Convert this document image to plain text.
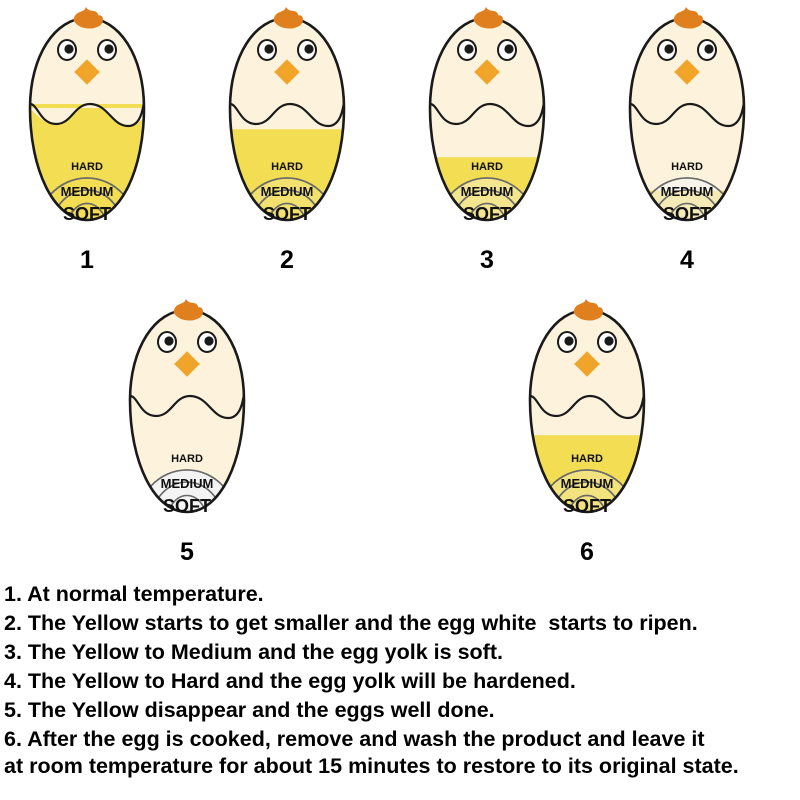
HARD
MEDIUM
SOFT
1
HARD
MEDIUM
SOFT
2
HARD
MEDIUM
SOFT
3
HARD
MEDIUM
SOFT
4
HARD
MEDIUM
SOFT
5
HARD
MEDIUM
SOFT
6
1. At normal temperature.
2. The Yellow starts to get smaller and the egg white  starts to ripen.
3. The Yellow to Medium and the egg yolk is soft.
4. The Yellow to Hard and the egg yolk will be hardened.
5. The Yellow disappear and the eggs well done.
6. After the egg is cooked, remove and wash the product and leave it
at room temperature for about 15 minutes to restore to its original state.
